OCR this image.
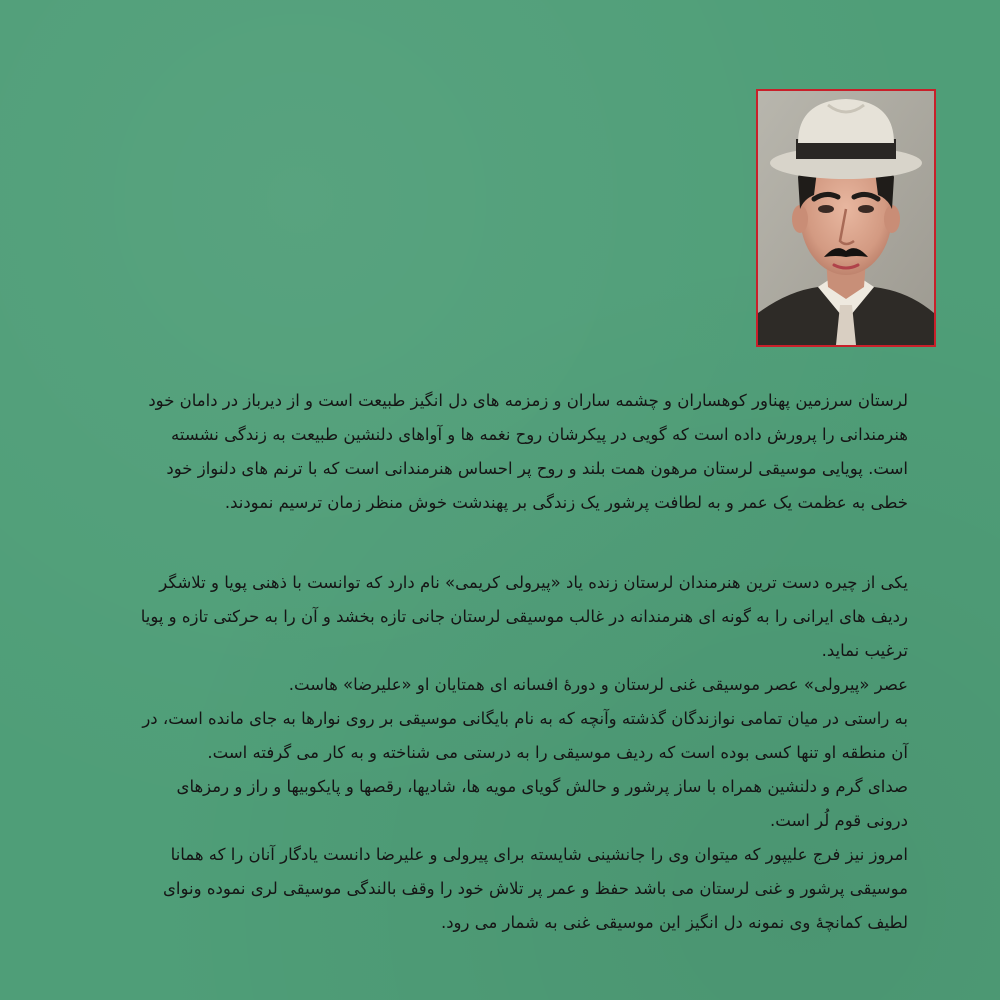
لرستان سرزمین پهناور کوهساران و چشمه ساران و زمزمه های دل انگیز طبیعت است و از دیرباز در دامان خود

هنرمندانی را پرورش داده است که گویی در پیکرشان روح نغمه ها و آواهای دلنشین طبیعت به زندگی نشسته

است. پویایی موسیقی لرستان مرهون همت بلند و روح پر احساس هنرمندانی است که با ترنم های دلنواز خود

خطی به عظمت یک عمر و به لطافت پرشور یک زندگی بر پهندشت خوش منظر زمان ترسیم نمودند.

یکی از چیره دست ترین هنرمندان لرستان زنده یاد «پیرولی کریمی» نام دارد که توانست با ذهنی پویا و تلاشگر

ردیف های ایرانی را به گونه ای هنرمندانه در غالب موسیقی لرستان جانی تازه بخشد و آن را به حرکتی تازه و پویا

ترغیب نماید.

عصر «پیرولی» عصر موسیقی غنی لرستان و دورهٔ افسانه ای همتایان او «علیرضا» هاست.

به راستی در میان تمامی نوازندگان گذشته وآنچه که به نام بایگانی موسیقی بر روی نوارها به جای مانده است، در

آن منطقه او تنها کسی بوده است که ردیف موسیقی را به درستی می شناخته و به کار می گرفته است.

صدای گرم و دلنشین همراه با ساز پرشور و حالش گویای مویه ها، شادیها، رقصها و پایکوبیها و راز و رمزهای

درونی قوم لُر است.

امروز نیز فرج علیپور که میتوان وی را جانشینی شایسته برای پیرولی و علیرضا دانست یادگار آنان را که همانا

موسیقی پرشور و غنی لرستان می باشد حفظ و عمر پر تلاش خود را وقف بالندگی موسیقی لری نموده ونوای

لطیف کمانچهٔ وی نمونه دل انگیز این موسیقی غنی به شمار می رود.
